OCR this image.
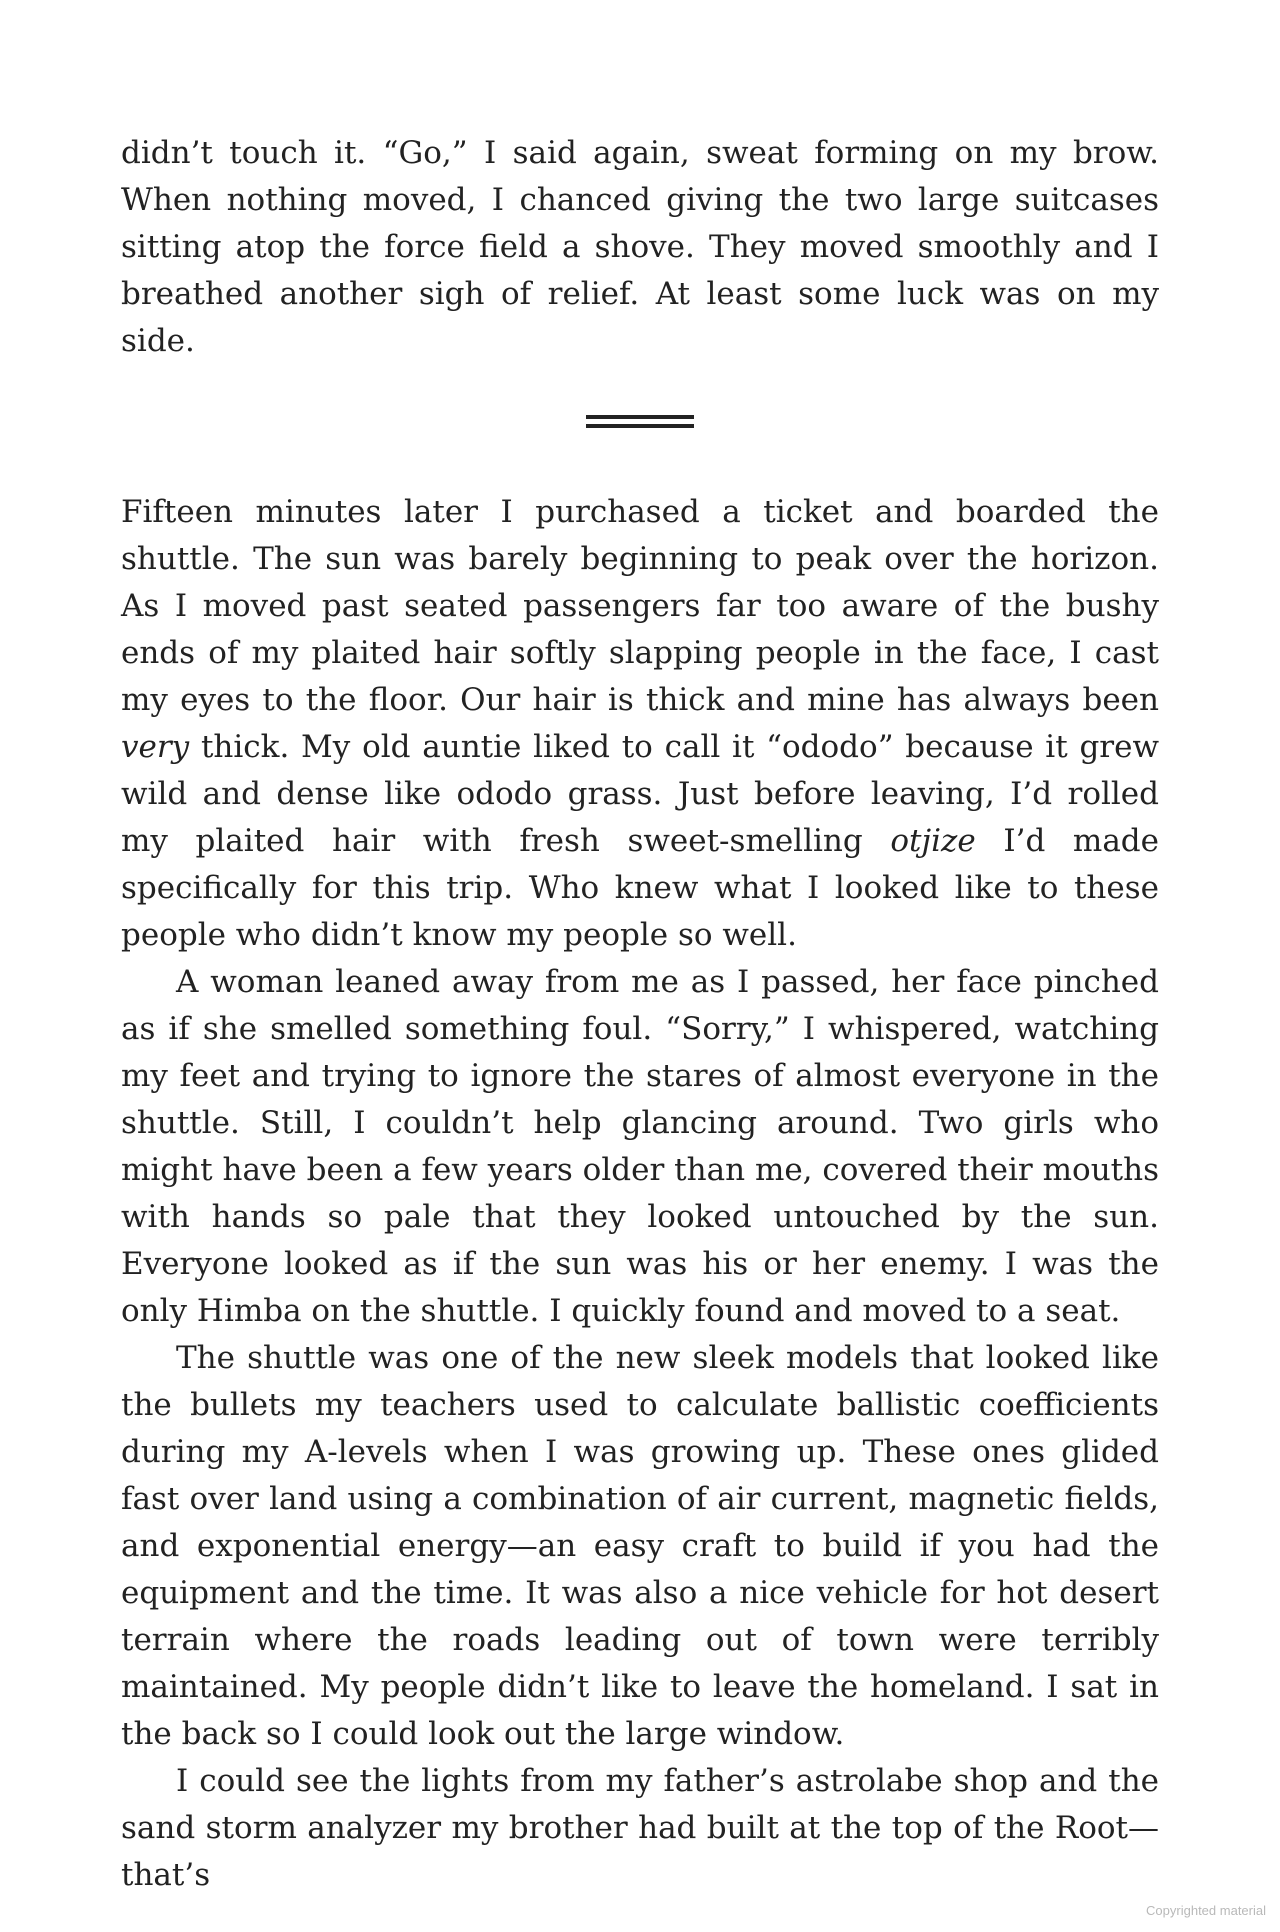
didn’t touch it. “Go,” I said again, sweat forming on my brow. When nothing moved, I chanced giving the two large suitcases sitting atop the force field a shove. They moved smoothly and I breathed another sigh of relief. At least some luck was on my side.

Fifteen minutes later I purchased a ticket and boarded the shuttle. The sun was barely beginning to peak over the horizon. As I moved past seated passengers far too aware of the bushy ends of my plaited hair softly slapping people in the face, I cast my eyes to the floor. Our hair is thick and mine has always been very thick. My old auntie liked to call it “ododo” because it grew wild and dense like ododo grass. Just before leaving, I’d rolled my plaited hair with fresh sweet-smelling otjize I’d made specifically for this trip. Who knew what I looked like to these people who didn’t know my people so well.

A woman leaned away from me as I passed, her face pinched as if she smelled something foul. “Sorry,” I whispered, watching my feet and trying to ignore the stares of almost everyone in the shuttle. Still, I couldn’t help glancing around. Two girls who might have been a few years older than me, covered their mouths with hands so pale that they looked untouched by the sun. Everyone looked as if the sun was his or her enemy. I was the only Himba on the shuttle. I quickly found and moved to a seat.

The shuttle was one of the new sleek models that looked like the bullets my teachers used to calculate ballistic coefficients during my A-levels when I was growing up. These ones glided fast over land using a combination of air current, magnetic fields, and exponential energy—an easy craft to build if you had the equipment and the time. It was also a nice vehicle for hot desert terrain where the roads leading out of town were terribly maintained. My people didn’t like to leave the homeland. I sat in the back so I could look out the large window.

I could see the lights from my father’s astrolabe shop and the sand storm analyzer my brother had built at the top of the Root—that’s

Copyrighted material
